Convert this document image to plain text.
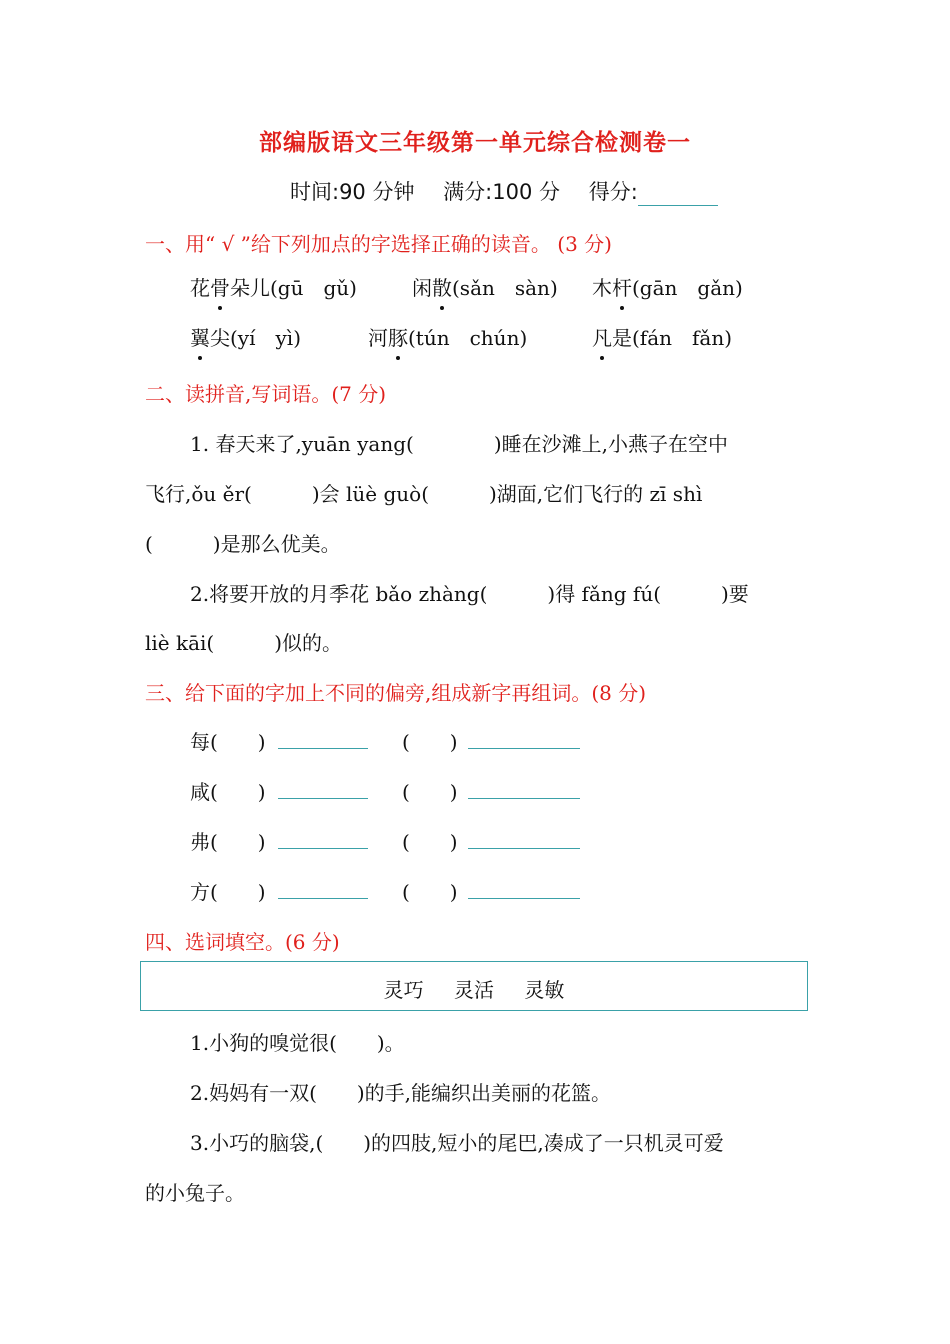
部编版语文三年级第一单元综合检测卷一
时间:90 分钟 满分:100 分 得分:
一、用“ √ ”给下列加点的字选择正确的读音。 (3 分)
花骨朵儿(gū　gǔ)	闲散(sǎn　sàn) 木杆(gān　gǎn)
翼尖(yí　yì)	河豚(tún　chún)	凡是(fán　fǎn)
二、读拼音,写词语。(7 分)
1. 春天来了,yuān yang(　　　　)睡在沙滩上,小燕子在空中
飞行,ǒu ěr(　　　)会 lüè guò(　　　)湖面,它们飞行的 zī shì
(　　　)是那么优美。
2.将要开放的月季花 bǎo zhàng(　　　)得 fǎng fú(　　　)要
liè kāi(　　　)似的。
三、给下面的字加上不同的偏旁,组成新字再组词。(8 分)
每(　　)	(　　)
咸(　　)	(　　)
弗(　　)	(　　)
方(　　)	(　　)
四、选词填空。(6 分)
灵巧 灵活 灵敏
1.小狗的嗅觉很(　　)。
2.妈妈有一双(　　)的手,能编织出美丽的花篮。
3.小巧的脑袋,(　　)的四肢,短小的尾巴,凑成了一只机灵可爱
的小兔子。
